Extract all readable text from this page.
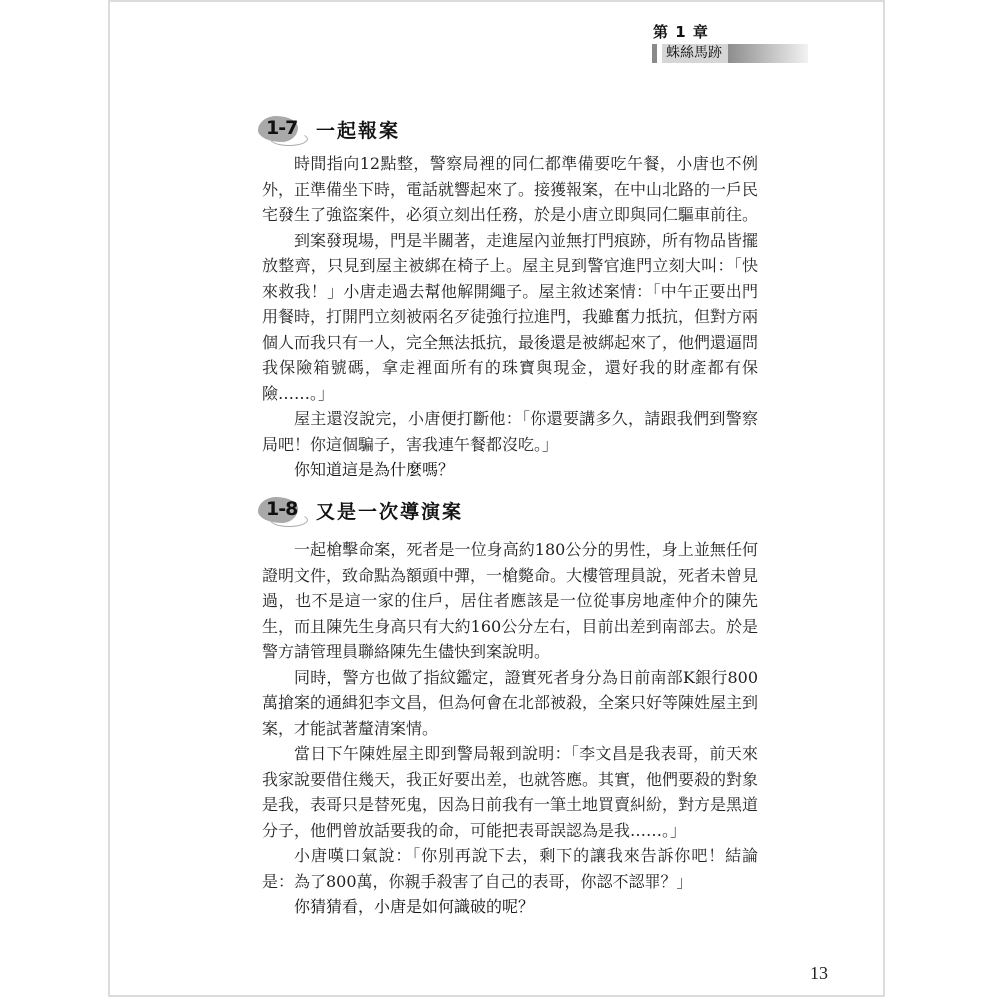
第 1 章
蛛絲馬跡
1-7 一起報案

時間指向12點整，警察局裡的同仁都準備要吃午餐，小唐也不例外，正準備坐下時，電話就響起來了。接獲報案，在中山北路的一戶民宅發生了強盜案件，必須立刻出任務，於是小唐立即與同仁驅車前往。

到案發現場，門是半關著，走進屋內並無打門痕跡，所有物品皆擺放整齊，只見到屋主被綁在椅子上。屋主見到警官進門立刻大叫：「快來救我！」小唐走過去幫他解開繩子。屋主敘述案情：「中午正要出門用餐時，打開門立刻被兩名歹徒強行拉進門，我雖奮力抵抗，但對方兩個人而我只有一人，完全無法抵抗，最後還是被綁起來了，他們還逼問我保險箱號碼，拿走裡面所有的珠寶與現金，還好我的財產都有保險……。」

屋主還沒說完，小唐便打斷他：「你還要講多久，請跟我們到警察局吧！你這個騙子，害我連午餐都沒吃。」

你知道這是為什麼嗎？

1-8 又是一次導演案

一起槍擊命案，死者是一位身高約180公分的男性，身上並無任何證明文件，致命點為額頭中彈，一槍斃命。大樓管理員說，死者未曾見過，也不是這一家的住戶，居住者應該是一位從事房地產仲介的陳先生，而且陳先生身高只有大約160公分左右，目前出差到南部去。於是警方請管理員聯絡陳先生儘快到案說明。

同時，警方也做了指紋鑑定，證實死者身分為日前南部K銀行800萬搶案的通緝犯李文昌，但為何會在北部被殺，全案只好等陳姓屋主到案，才能試著釐清案情。

當日下午陳姓屋主即到警局報到說明：「李文昌是我表哥，前天來我家說要借住幾天，我正好要出差，也就答應。其實，他們要殺的對象是我，表哥只是替死鬼，因為日前我有一筆土地買賣糾紛，對方是黑道分子，他們曾放話要我的命，可能把表哥誤認為是我……。」

小唐嘆口氣說：「你別再說下去，剩下的讓我來告訴你吧！結論是：為了800萬，你親手殺害了自己的表哥，你認不認罪？」

你猜猜看，小唐是如何識破的呢？

13
